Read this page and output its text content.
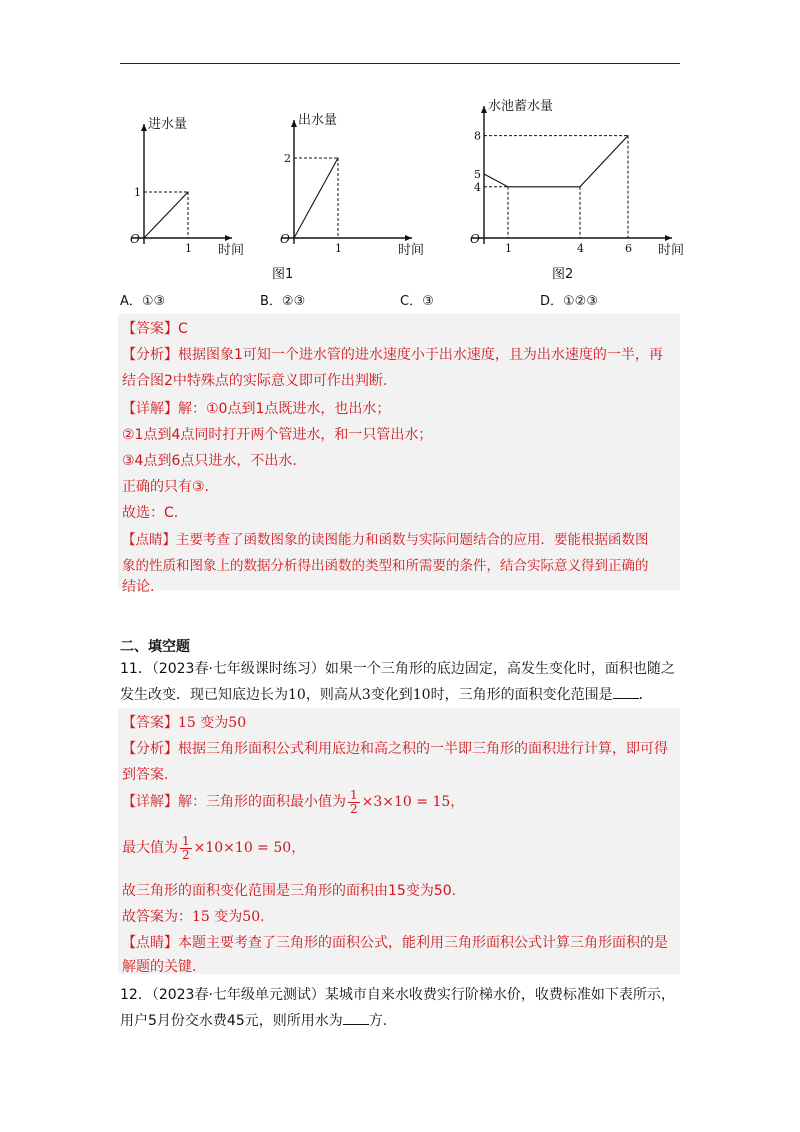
进水量
时间
O
1
1
出水量
时间
O
1
2
图1
水池蓄水量
时间
O
1	4	6
4
5
8
图2
A．①③	B．②③	C．③	D．①②③
【答案】C
【分析】根据图象1可知一个进水管的进水速度小于出水速度，且为出水速度的一半，再
结合图2中特殊点的实际意义即可作出判断.
【详解】解：①0点到1点既进水，也出水；
②1点到4点同时打开两个管进水，和一只管出水；
③4点到6点只进水，不出水.
正确的只有③.
故选：C.
【点睛】主要考查了函数图象的读图能力和函数与实际问题结合的应用．要能根据函数图
象的性质和图象上的数据分析得出函数的类型和所需要的条件，结合实际意义得到正确的
结论.
二、填空题
11．（2023春·七年级课时练习）如果一个三角形的底边固定，高发生变化时，面积也随之
发生改变．现已知底边长为10，则高从3变化到10时，三角形的面积变化范围是 ．
【答案】15 变为50
【分析】根据三角形面积公式利用底边和高之积的一半即三角形的面积进行计算，即可得
到答案.
【详解】解：三角形的面积最小值为 $\frac{1}{2} \times 3\times 10 = 15$，
最大值为 $\frac{1}{2} \times 10\times 10 = 50$，
故三角形的面积变化范围是三角形的面积由15变为50.
故答案为：15 变为50.
【点睛】本题主要考查了三角形的面积公式，能利用三角形面积公式计算三角形面积的是
解题的关键.
12．（2023春·七年级单元测试）某城市自来水收费实行阶梯水价，收费标准如下表所示，
用户5月份交水费45元，则所用水为 方.
